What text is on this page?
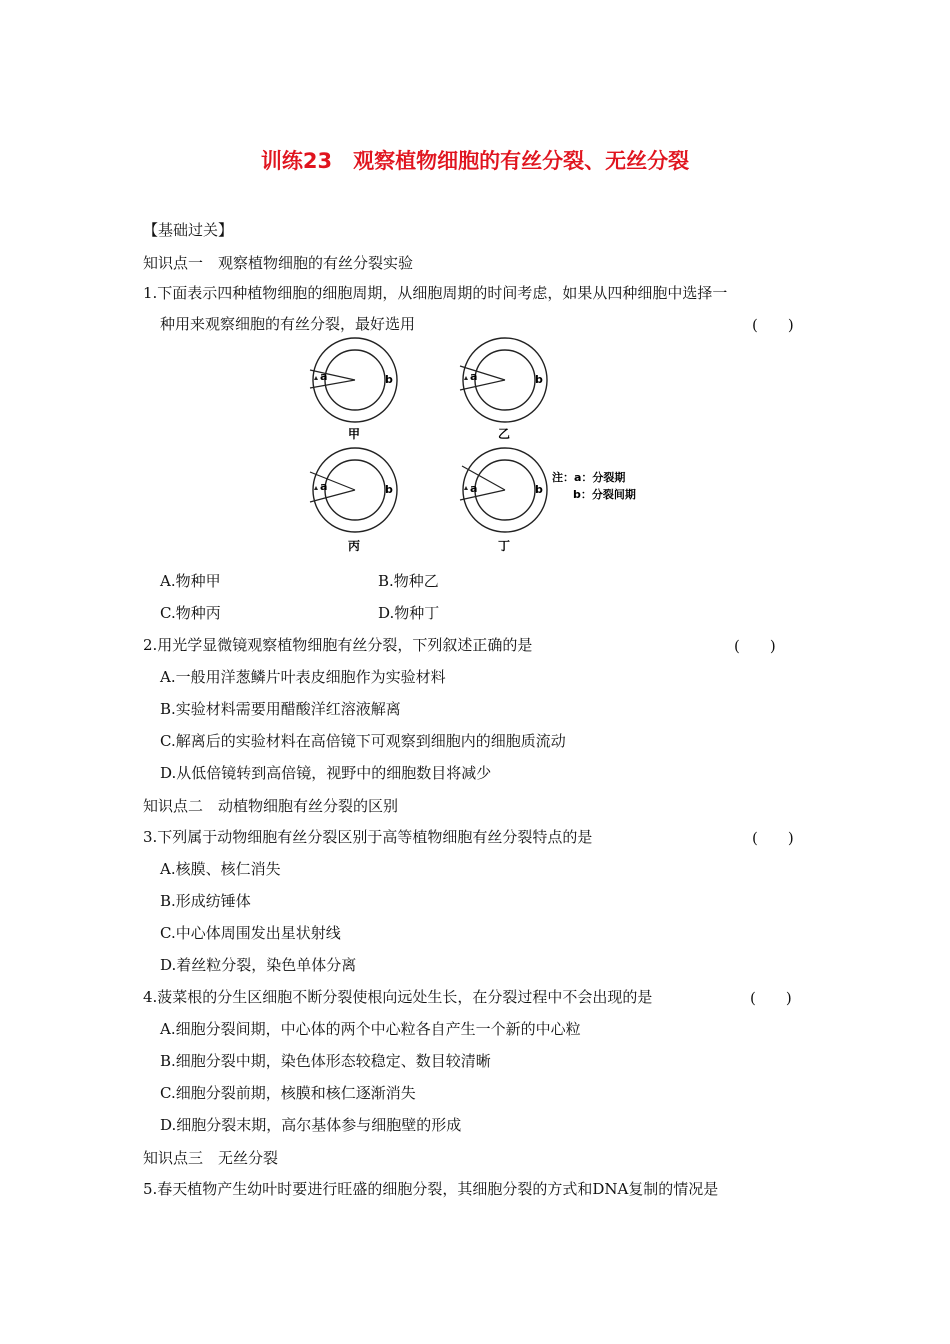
训练23　观察植物细胞的有丝分裂、无丝分裂
【基础过关】
知识点一　观察植物细胞的有丝分裂实验
1.下面表示四种植物细胞的细胞周期，从细胞周期的时间考虑，如果从四种细胞中选择一
种用来观察细胞的有丝分裂，最好选用	(　　)
a	b
甲
a	b
乙
a	b
丙
a	b
丁
注：a：分裂期
b：分裂间期
A.物种甲	B.物种乙
C.物种丙	D.物种丁
2.用光学显微镜观察植物细胞有丝分裂，下列叙述正确的是	(　　)
A.一般用洋葱鳞片叶表皮细胞作为实验材料
B.实验材料需要用醋酸洋红溶液解离
C.解离后的实验材料在高倍镜下可观察到细胞内的细胞质流动
D.从低倍镜转到高倍镜，视野中的细胞数目将减少
知识点二　动植物细胞有丝分裂的区别
3.下列属于动物细胞有丝分裂区别于高等植物细胞有丝分裂特点的是	(　　)
A.核膜、核仁消失
B.形成纺锤体
C.中心体周围发出星状射线
D.着丝粒分裂，染色单体分离
4.菠菜根的分生区细胞不断分裂使根向远处生长，在分裂过程中不会出现的是	(　　)
A.细胞分裂间期，中心体的两个中心粒各自产生一个新的中心粒
B.细胞分裂中期，染色体形态较稳定、数目较清晰
C.细胞分裂前期，核膜和核仁逐渐消失
D.细胞分裂末期，高尔基体参与细胞壁的形成
知识点三　无丝分裂
5.春天植物产生幼叶时要进行旺盛的细胞分裂，其细胞分裂的方式和DNA复制的情况是
